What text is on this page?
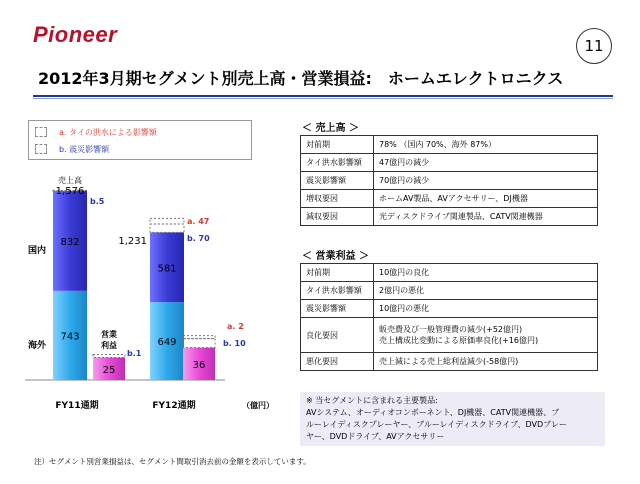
Pioneer	11
2012年3月期セグメント別売上高・営業損益:　ホームエレクトロニクス
a. タイの洪水による影響額
b. 震災影響額
743
832
25
FY11通期
649
581
36
FY12通期
売上高
1,576
1,231
国内
海外
営業
利益
b.5
b.1
a. 47
b. 70
a. 2
b. 10
（億円）
＜ 売上高 ＞
対前期	78% （国内 70%、海外 87%）
タイ洪水影響額	47億円の減少
震災影響額	70億円の減少
増収要因	ホームAV製品、AVアクセサリー、DJ機器
減収要因	光ディスクドライブ関連製品、CATV関連機器
＜ 営業利益 ＞
対前期	10億円の良化
タイ洪水影響額	2億円の悪化
震災影響額	10億円の悪化
良化要因	販売費及び一般管理費の減少(+52億円)
売上構成比変動による原価率良化(+16億円)

悪化要因	売上減による売上総利益減少(-58億円)
※ 当セグメントに含まれる主要製品:
AVシステム、オーディオコンポーネント、DJ機器、CATV関連機器、ブ
ルーレイディスクプレーヤー、ブルーレイディスクドライブ、DVDプレー
ヤー、DVDドライブ、AVアクセサリー
注）セグメント別営業損益は、セグメント間取引消去前の金額を表示しています。
